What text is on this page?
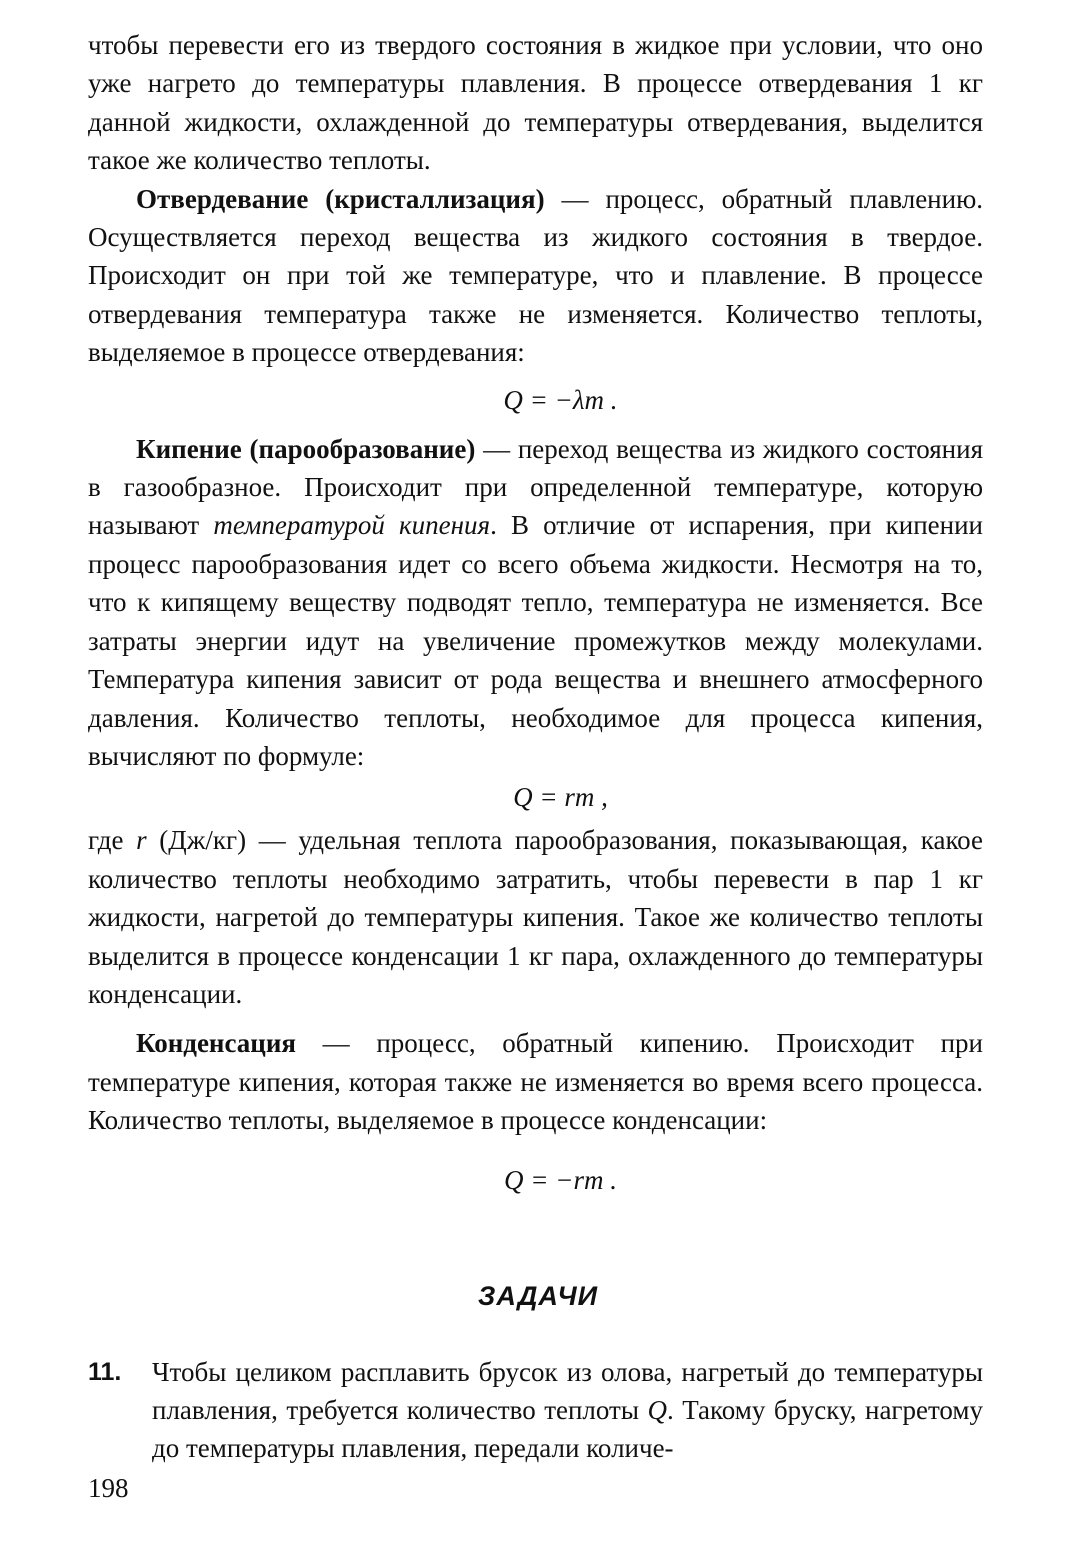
чтобы перевести его из твердого состояния в жидкое при условии, что оно уже нагрето до температуры плавления. В процессе отвердевания 1 кг данной жидкости, охлажденной до температуры отвердевания, выделится такое же количество теплоты.

Отвердевание (кристаллизация) — процесс, обратный плавлению. Осуществляется переход вещества из жидкого состояния в твердое. Происходит он при той же температуре, что и плавление. В процессе отвердевания температура также не изменяется. Количество теплоты, выделяемое в процессе отвердевания:

Q = −λm .

Кипение (парообразование) — переход вещества из жидкого состояния в газообразное. Происходит при определенной температуре, которую называют температурой кипения. В отличие от испарения, при кипении процесс парообразования идет со всего объема жидкости. Несмотря на то, что к кипящему веществу подводят тепло, температура не изменяется. Все затраты энергии идут на увеличение промежутков между молекулами. Температура кипения зависит от рода вещества и внешнего атмосферного давления. Количество теплоты, необходимое для процесса кипения, вычисляют по формуле:

Q = rm ,

где r (Дж/кг) — удельная теплота парообразования, показывающая, какое количество теплоты необходимо затратить, чтобы перевести в пар 1 кг жидкости, нагретой до температуры кипения. Такое же количество теплоты выделится в процессе конденсации 1 кг пара, охлажденного до температуры конденсации.

Конденсация — процесс, обратный кипению. Происходит при температуре кипения, которая также не изменяется во время всего процесса. Количество теплоты, выделяемое в процессе конденсации:

Q = −rm .
ЗАДАЧИ
11. Чтобы целиком расплавить брусок из олова, нагретый до температуры плавления, требуется количество теплоты Q. Такому бруску, нагретому до температуры плавления, передали количе-

198
